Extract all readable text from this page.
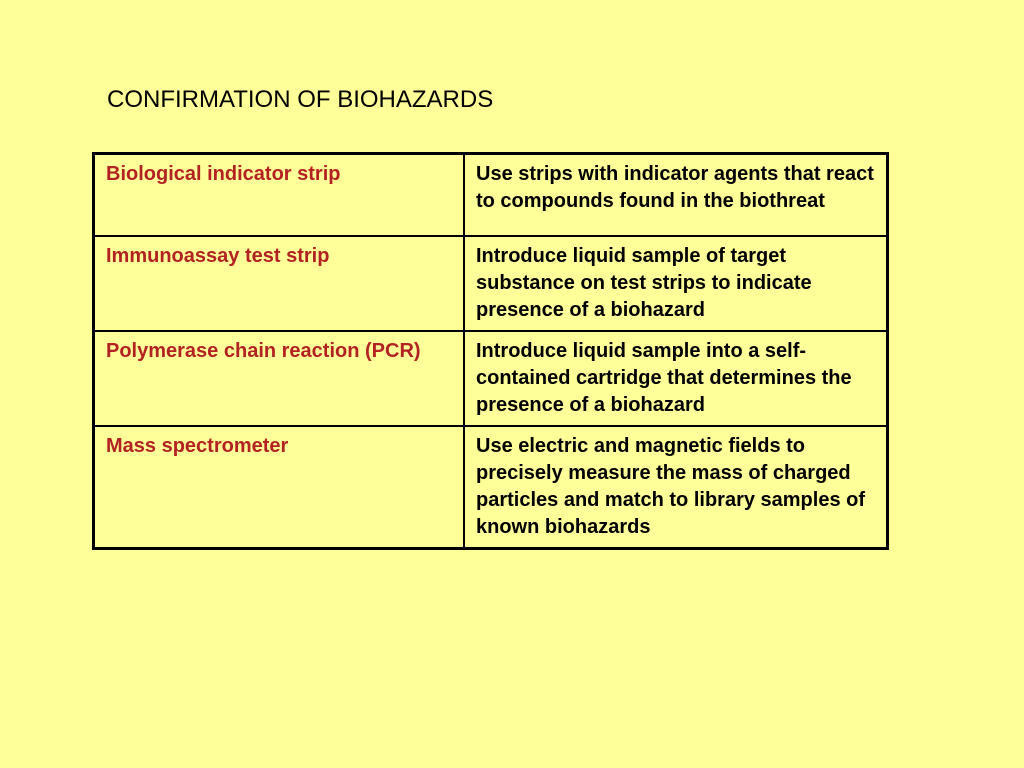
CONFIRMATION OF BIOHAZARDS
Biological indicator strip	Use strips with indicator agents that react to compounds found in the biothreat
Immunoassay test strip	Introduce liquid sample of target substance on test strips to indicate presence of a biohazard
Polymerase chain reaction (PCR)	Introduce liquid sample into a self-contained cartridge that determines the presence of a biohazard
Mass spectrometer	Use electric and magnetic fields to precisely measure the mass of charged particles and match to library samples of known biohazards
